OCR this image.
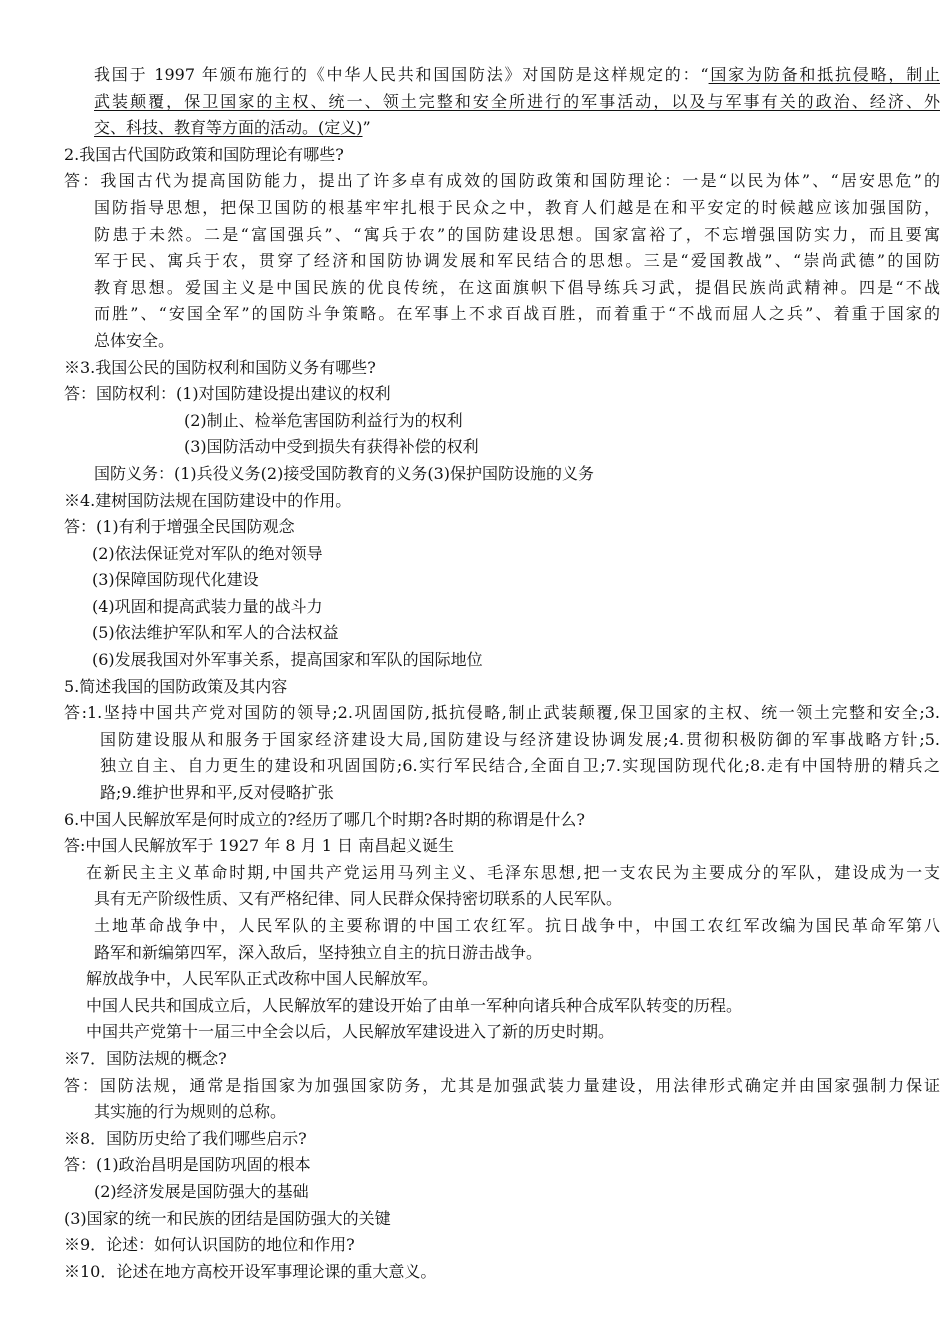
我国于 1997 年颁布施行的《中华人民共和国国防法》对国防是这样规定的：“国家为防备和抵抗侵略，制止
武装颠覆，保卫国家的主权、统一、领土完整和安全所进行的军事活动，以及与军事有关的政治、经济、外
交、科技、教育等方面的活动。(定义)”
2.我国古代国防政策和国防理论有哪些?
答：我国古代为提高国防能力，提出了许多卓有成效的国防政策和国防理论：一是“以民为体”、“居安思危”的
国防指导思想，把保卫国防的根基牢牢扎根于民众之中，教育人们越是在和平安定的时候越应该加强国防，
防患于未然。二是“富国强兵”、“寓兵于农”的国防建设思想。国家富裕了，不忘增强国防实力，而且要寓
军于民、寓兵于农，贯穿了经济和国防协调发展和军民结合的思想。三是“爱国教战”、“崇尚武德”的国防
教育思想。爱国主义是中国民族的优良传统，在这面旗帜下倡导练兵习武，提倡民族尚武精神。四是“不战
而胜”、“安国全军”的国防斗争策略。在军事上不求百战百胜，而着重于“不战而屈人之兵”、着重于国家的
总体安全。
※3.我国公民的国防权利和国防义务有哪些?
答：国防权利：(1)对国防建设提出建议的权利
(2)制止、检举危害国防利益行为的权利
(3)国防活动中受到损失有获得补偿的权利
国防义务：(1)兵役义务(2)接受国防教育的义务(3)保护国防设施的义务
※4.建树国防法规在国防建设中的作用。
答：(1)有利于增强全民国防观念
(2)依法保证党对军队的绝对领导
(3)保障国防现代化建设
(4)巩固和提高武装力量的战斗力
(5)依法维护军队和军人的合法权益
(6)发展我国对外军事关系，提高国家和军队的国际地位
5.简述我国的国防政策及其内容
答:1.坚持中国共产党对国防的领导;2.巩固国防,抵抗侵略,制止武装颠覆,保卫国家的主权、统一领土完整和安全;3.
国防建设服从和服务于国家经济建设大局,国防建设与经济建设协调发展;4.贯彻积极防御的军事战略方针;5.
独立自主、自力更生的建设和巩固国防;6.实行军民结合,全面自卫;7.实现国防现代化;8.走有中国特册的精兵之
路;9.维护世界和平,反对侵略扩张
6.中国人民解放军是何时成立的?经历了哪几个时期?各时期的称谓是什么?
答:中国人民解放军于 1927 年 8 月 1 日 南昌起义诞生
在新民主主义革命时期,中国共产党运用马列主义、毛泽东思想,把一支农民为主要成分的军队，建设成为一支
具有无产阶级性质、又有严格纪律、同人民群众保持密切联系的人民军队。
土地革命战争中，人民军队的主要称谓的中国工农红军。抗日战争中，中国工农红军改编为国民革命军第八
路军和新编第四军，深入敌后，坚持独立自主的抗日游击战争。
解放战争中，人民军队正式改称中国人民解放军。
中国人民共和国成立后，人民解放军的建设开始了由单一军种向诸兵种合成军队转变的历程。
中国共产党第十一届三中全会以后，人民解放军建设进入了新的历史时期。
※7．国防法规的概念?
答：国防法规，通常是指国家为加强国家防务，尤其是加强武装力量建设，用法律形式确定并由国家强制力保证
其实施的行为规则的总称。
※8．国防历史给了我们哪些启示?
答：(1)政治昌明是国防巩固的根本
(2)经济发展是国防强大的基础
(3)国家的统一和民族的团结是国防强大的关键
※9．论述：如何认识国防的地位和作用?
※10．论述在地方高校开设军事理论课的重大意义。
